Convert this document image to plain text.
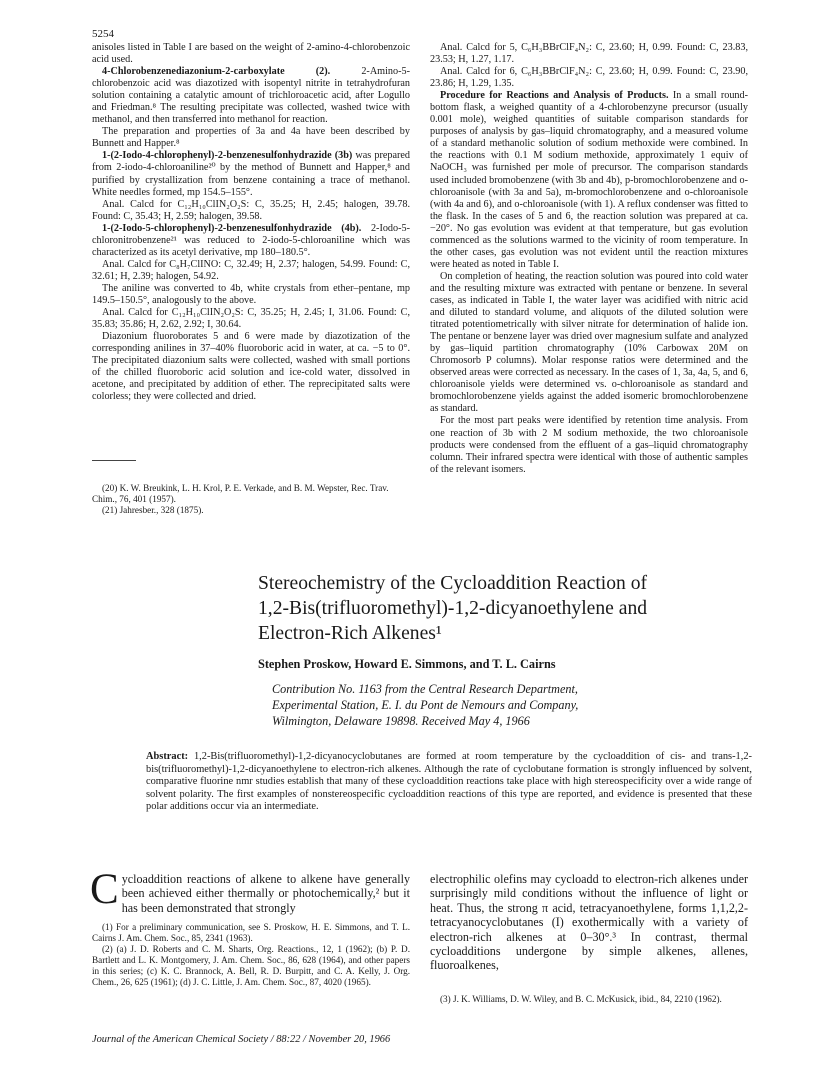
5254

anisoles listed in Table I are based on the weight of 2-amino-4-chlorobenzoic acid used.

4-Chlorobenzenediazonium-2-carboxylate (2). 2-Amino-5-chlorobenzoic acid was diazotized with isopentyl nitrite in tetrahydrofuran solution containing a catalytic amount of trichloroacetic acid, after Logullo and Friedman.⁸ The resulting precipitate was collected, washed twice with methanol, and then transferred into methanol for reaction.

The preparation and properties of 3a and 4a have been described by Bunnett and Happer.⁸

1-(2-Iodo-4-chlorophenyl)-2-benzenesulfonhydrazide (3b) was prepared from 2-iodo-4-chloroaniline²⁰ by the method of Bunnett and Happer,⁸ and purified by crystallization from benzene containing a trace of methanol. White needles formed, mp 154.5–155°.

Anal. Calcd for C₁₂H₁₀ClIN₂O₂S: C, 35.25; H, 2.45; halogen, 39.78. Found: C, 35.43; H, 2.59; halogen, 39.58.

1-(2-Iodo-5-chlorophenyl)-2-benzenesulfonhydrazide (4b). 2-Iodo-5-chloronitrobenzene²¹ was reduced to 2-iodo-5-chloroaniline which was characterized as its acetyl derivative, mp 180–180.5°.

Anal. Calcd for C₈H₇ClINO: C, 32.49; H, 2.37; halogen, 54.99. Found: C, 32.61; H, 2.39; halogen, 54.92.

The aniline was converted to 4b, white crystals from ether–pentane, mp 149.5–150.5°, analogously to the above.

Anal. Calcd for C₁₂H₁₀ClIN₂O₂S: C, 35.25; H, 2.45; I, 31.06. Found: C, 35.83; 35.86; H, 2.62, 2.92; I, 30.64.

Diazonium fluoroborates 5 and 6 were made by diazotization of the corresponding anilines in 37–40% fluoroboric acid in water, at ca. −5 to 0°. The precipitated diazonium salts were collected, washed with small portions of the chilled fluoroboric acid solution and ice-cold water, dissolved in acetone, and precipitated by addition of ether. The reprecipitated salts were colorless; they were collected and dried.

(20) K. W. Breukink, L. H. Krol, P. E. Verkade, and B. M. Wepster, Rec. Trav. Chim., 76, 401 (1957).

(21) Jahresber., 328 (1875).

Anal. Calcd for 5, C₆H₃BBrClF₄N₂: C, 23.60; H, 0.99. Found: C, 23.83, 23.53; H, 1.27, 1.17.

Anal. Calcd for 6, C₆H₃BBrClF₄N₂: C, 23.60; H, 0.99. Found: C, 23.90, 23.86; H, 1.29, 1.35.

Procedure for Reactions and Analysis of Products. In a small round-bottom flask, a weighed quantity of a 4-chlorobenzyne precursor (usually 0.001 mole), weighed quantities of suitable comparison standards for purposes of analysis by gas–liquid chromatography, and a measured volume of a standard methanolic solution of sodium methoxide were combined. In the reactions with 0.1 M sodium methoxide, approximately 1 equiv of NaOCH₃ was furnished per mole of precursor. The comparison standards used included bromobenzene (with 3b and 4b), p-bromochlorobenzene and o-chloroanisole (with 3a and 5a), m-bromochlorobenzene and o-chloroanisole (with 4a and 6), and o-chloroanisole (with 1). A reflux condenser was fitted to the flask. In the cases of 5 and 6, the reaction solution was prepared at ca. −20°. No gas evolution was evident at that temperature, but gas evolution commenced as the solutions warmed to the vicinity of room temperature. In the other cases, gas evolution was not evident until the reaction mixtures were heated as noted in Table I.

On completion of heating, the reaction solution was poured into cold water and the resulting mixture was extracted with pentane or benzene. In several cases, as indicated in Table I, the water layer was acidified with nitric acid and diluted to standard volume, and aliquots of the diluted solution were titrated potentiometrically with silver nitrate for determination of halide ion. The pentane or benzene layer was dried over magnesium sulfate and analyzed by gas–liquid partition chromatography (10% Carbowax 20M on Chromosorb P columns). Molar response ratios were determined and the observed areas were corrected as necessary. In the cases of 1, 3a, 4a, 5, and 6, chloroanisole yields were determined vs. o-chloroanisole as standard and bromochlorobenzene yields against the added isomeric bromochlorobenzene as standard.

For the most part peaks were identified by retention time analysis. From one reaction of 3b with 2 M sodium methoxide, the two chloroanisole products were condensed from the effluent of a gas–liquid chromatography column. Their infrared spectra were identical with those of authentic samples of the relevant isomers.

Stereochemistry of the Cycloaddition Reaction of
1,2-Bis(trifluoromethyl)-1,2-dicyanoethylene and
Electron-Rich Alkenes¹
Stephen Proskow, Howard E. Simmons, and T. L. Cairns
Contribution No. 1163 from the Central Research Department,
Experimental Station, E. I. du Pont de Nemours and Company,
Wilmington, Delaware 19898. Received May 4, 1966
Abstract: 1,2-Bis(trifluoromethyl)-1,2-dicyanocyclobutanes are formed at room temperature by the cycloaddition of cis- and trans-1,2-bis(trifluoromethyl)-1,2-dicyanoethylene to electron-rich alkenes. Although the rate of cyclobutane formation is strongly influenced by solvent, comparative fluorine nmr studies establish that many of these cycloaddition reactions take place with high stereospecificity over a wide range of solvent polarity. The first examples of nonstereospecific cycloaddition reactions of this type are reported, and evidence is presented that these polar additions occur via an intermediate.
Cycloaddition reactions of alkene to alkene have generally been achieved either thermally or photochemically,² but it has been demonstrated that strongly
electrophilic olefins may cycloadd to electron-rich alkenes under surprisingly mild conditions without the influence of light or heat. Thus, the strong π acid, tetracyanoethylene, forms 1,1,2,2-tetracyanocyclobutanes (I) exothermically with a variety of electron-rich alkenes at 0–30°.³ In contrast, thermal cycloadditions undergone by simple alkenes, allenes, fluoroalkenes,

(1) For a preliminary communication, see S. Proskow, H. E. Simmons, and T. L. Cairns J. Am. Chem. Soc., 85, 2341 (1963).

(2) (a) J. D. Roberts and C. M. Sharts, Org. Reactions., 12, 1 (1962); (b) P. D. Bartlett and L. K. Montgomery, J. Am. Chem. Soc., 86, 628 (1964), and other papers in this series; (c) K. C. Brannock, A. Bell, R. D. Burpitt, and C. A. Kelly, J. Org. Chem., 26, 625 (1961); (d) J. C. Little, J. Am. Chem. Soc., 87, 4020 (1965).

(3) J. K. Williams, D. W. Wiley, and B. C. McKusick, ibid., 84, 2210 (1962).

Journal of the American Chemical Society / 88:22 / November 20, 1966
